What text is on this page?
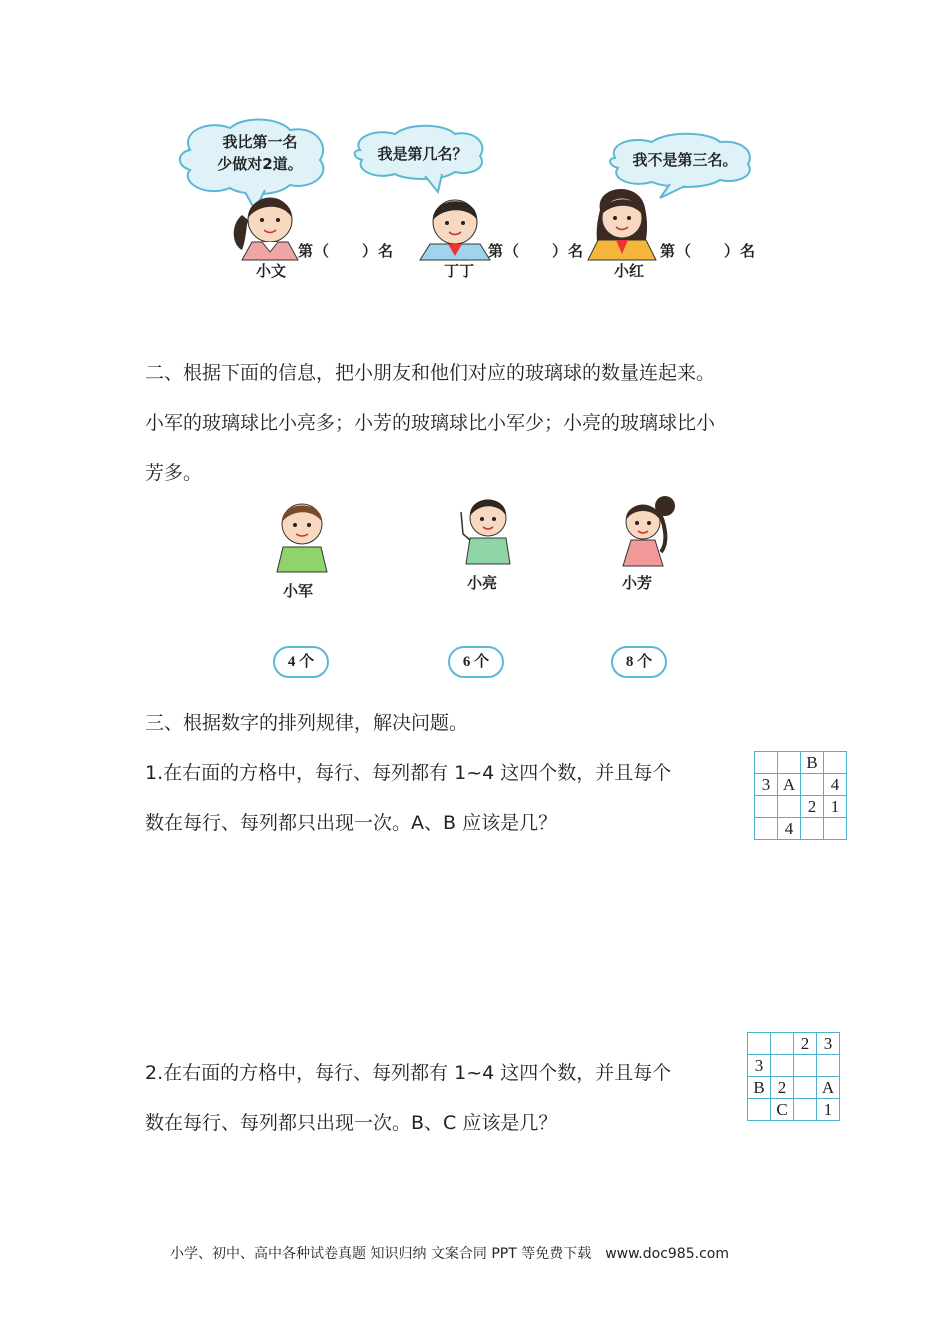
我比第一名
少做对2道。
我是第几名？	我不是第三名。
第（　　）名	第（　　）名	第（　　）名
小文	丁丁	小红
二、根据下面的信息，把小朋友和他们对应的玻璃球的数量连起来。
小军的玻璃球比小亮多；小芳的玻璃球比小军少；小亮的玻璃球比小
芳多。
小军	小亮	小芳
4 个	6 个	8 个
三、根据数字的排列规律，解决问题。
1.在右面的方格中，每行、每列都有 1~4 这四个数，并且每个
数在每行、每列都只出现一次。A、B 应该是几？
		B	
3	A		4
		2	1
	4		
2.在右面的方格中，每行、每列都有 1~4 这四个数，并且每个
数在每行、每列都只出现一次。B、C 应该是几？
		2	3
3			
B	2		A
	C		1
小学、初中、高中各种试卷真题 知识归纳 文案合同 PPT 等免费下载　www.doc985.com
